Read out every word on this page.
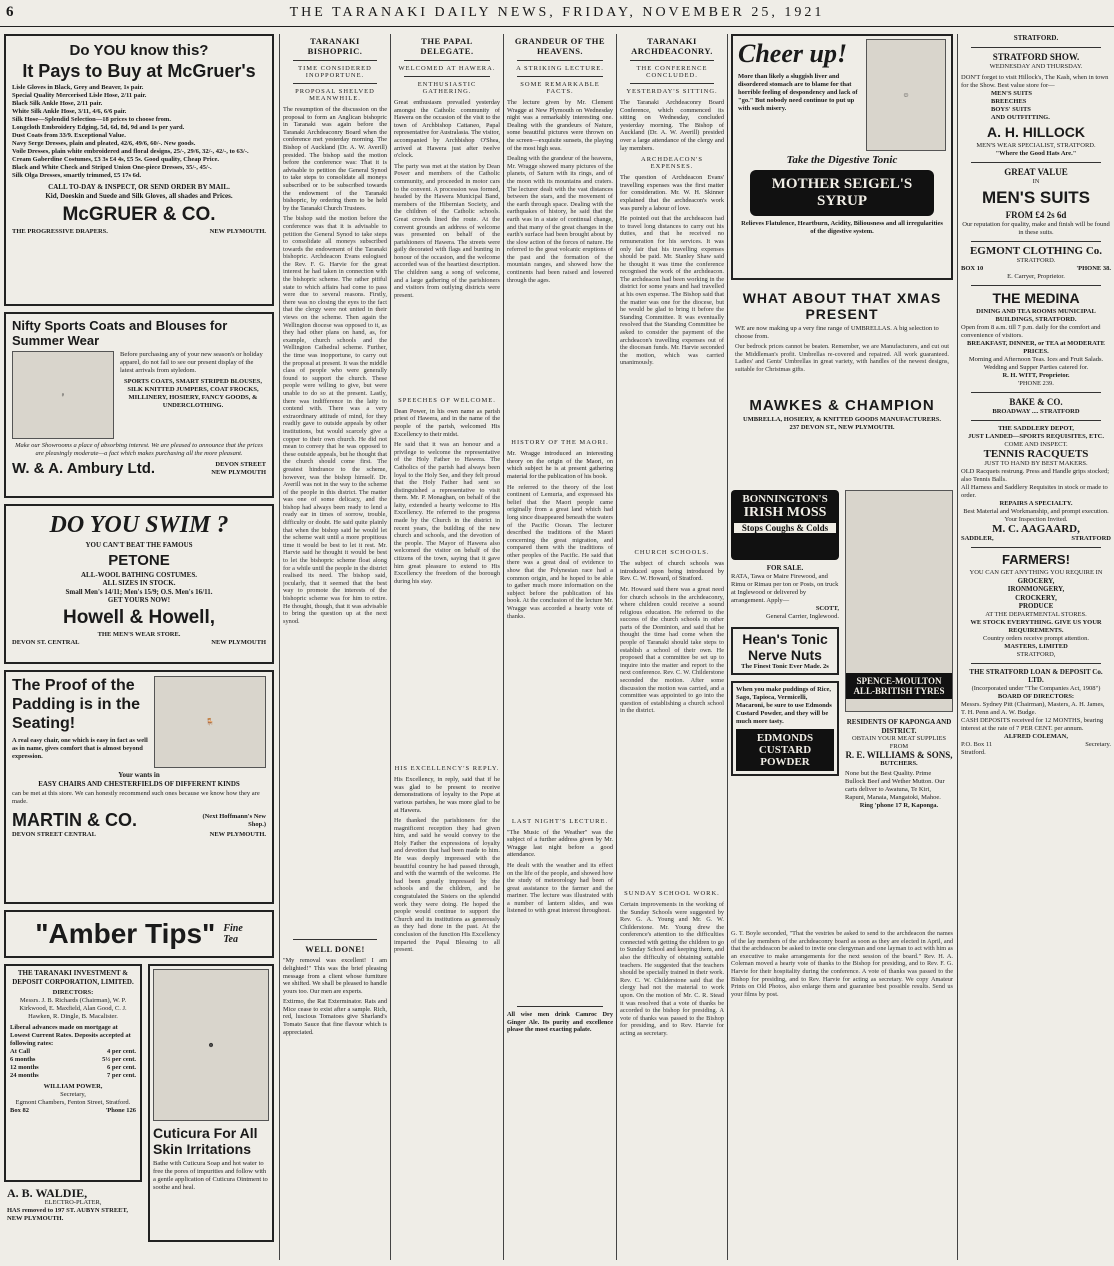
6	THE TARANAKI DAILY NEWS, FRIDAY, NOVEMBER 25, 1921
Do YOU know this?
It Pays to Buy at McGruer's
Lisle Gloves in Black, Grey and Beaver, 1s pair.
Special Quality Mercerised Lisle Hose, 2/11 pair.
Black Silk Ankle Hose, 2/11 pair.
White Silk Ankle Hose, 3/11, 4/6, 6/6 pair.
Silk Hose—Splendid Selection—18 prices to choose from.
Longcloth Embroidery Edging, 5d, 6d, 8d, 9d and 1s per yard.
Dust Coats from 33/9. Exceptional Value.
Navy Serge Dresses, plain and pleated, 42/6, 49/6, 60/-. New goods.
Voile Dresses, plain white embroidered and floral designs, 25/-, 29/6, 32/-, 42/-, to 63/-.
Cream Gaberdine Costumes, £3 3s £4 4s, £5 5s. Good quality, Cheap Price.
Black and White Check and Striped Union One-piece Dresses, 35/-, 45/-.
Silk Olga Dresses, smartly trimmed, £5 17s 6d.
CALL TO-DAY & INSPECT, OR SEND ORDER BY MAIL.
Kid, Doeskin and Suede and Silk Gloves, all shades and Prices.
McGRUER & CO.
THE PROGRESSIVE DRAPERS.	NEW PLYMOUTH.
Nifty Sports Coats and Blouses for Summer Wear
♀
Before purchasing any of your new season's or holiday apparel, do not fail to see our present display of the latest arrivals from styledom.
SPORTS COATS, SMART STRIPED BLOUSES, SILK KNITTED JUMPERS, COAT FROCKS, MILLINERY, HOSIERY, FANCY GOODS, & UNDERCLOTHING.
Make our Showrooms a place of absorbing interest. We are pleased to announce that the prices are pleasingly moderate—a fact which makes purchasing all the more pleasant.
W. & A. Ambury Ltd.	DEVON STREET
NEW PLYMOUTH
DO YOU SWIM ?
YOU CAN'T BEAT THE FAMOUS
PETONE
ALL-WOOL BATHING COSTUMES.
ALL SIZES IN STOCK.
Small Men's 14/11; Men's 15/9; O.S. Men's 16/11.
GET YOURS NOW!
Howell & Howell,
THE MEN'S WEAR STORE.
DEVON ST. CENTRAL	NEW PLYMOUTH
The Proof of the Padding is in the Seating!
A real easy chair, one which is easy in fact as well as in name, gives comfort that is almost beyond expression.
🪑
Your wants in
EASY CHAIRS AND CHESTERFIELDS OF DIFFERENT KINDS
can be met at this store. We can honestly recommend such ones because we know how they are made.
MARTIN & CO.	(Next Hoffmann's New Shop.)
DEVON STREET CENTRAL	NEW PLYMOUTH.
"Amber Tips" Fine
Tea
THE TARANAKI INVESTMENT & DEPOSIT CORPORATION, LIMITED.
DIRECTORS:
Messrs. J. B. Richards (Chairman), W. P. Kirkwood, E. Maxfield, Alan Good, C. J. Hawken, R. Dingle, B. Macalister.
Liberal advances made on mortgage at Lowest Current Rates. Deposits accepted at following rates:
At Call	4 per cent.
6 months	5½ per cent.
12 months	6 per cent.
24 months	7 per cent.
WILLIAM POWER,
Secretary,
Egmont Chambers, Fenton Street, Stratford.
Box 82	'Phone 126
A. B. WALDIE,
ELECTRO-PLATER,
HAS removed to 197 ST. AUBYN STREET, NEW PLYMOUTH.
☻
Cuticura For All Skin Irritations
Bathe with Cuticura Soap and hot water to free the pores of impurities and follow with a gentle application of Cuticura Ointment to soothe and heal.
TARANAKI BISHOPRIC.
TIME CONSIDERED INOPPORTUNE.
PROPOSAL SHELVED MEANWHILE.

The resumption of the discussion on the proposal to form an Anglican bishopric in Taranaki was again before the Taranaki Archdeaconry Board when the conference met yesterday morning. The Bishop of Auckland (Dr. A. W. Averill) presided. The bishop said the motion before the conference was: That it is advisable to petition the General Synod to take steps to consolidate all moneys subscribed or to be subscribed towards the endowment of the Taranaki bishopric, by ordering them to be held by the Taranaki Church Trustees.

The bishop said the motion before the conference was that it is advisable to petition the General Synod to take steps to consolidate all moneys subscribed towards the endowment of the Taranaki bishopric. Archdeacon Evans eulogised the Rev. F. G. Harvie for the great interest he had taken in connection with the bishopric scheme. The rather pitiful state to which affairs had come to pass were due to several reasons. Firstly, there was no closing the eyes to the fact that the clergy were not united in their views on the scheme. Then again the Wellington diocese was opposed to it, as they had other plans on hand, as, for example, church schools and the Wellington Cathedral scheme. Further, the time was inopportune, to carry out the proposal at present. It was the middle class of people who were generally found to support the church. These people were willing to give, but were unable to do so at the present. Lastly, there was indifference in the laity to contend with. There was a very extraordinary attitude of mind, for they readily gave to outside appeals by other institutions, but would scarcely give a copper to their own church. He did not mean to convey that he was opposed to these outside appeals, but he thought that the church should come first. The greatest hindrance to the scheme, however, was the bishop himself. Dr. Averill was not in the way to the scheme of the people in this district. The matter was one of some delicacy, and the bishop had always been ready to lend a ready ear in times of sorrow, trouble, difficulty or doubt. He said quite plainly that when the bishop said he would let the scheme wait until a more propitious time it would be best to let it rest. Mr. Harvie said he thought it would be best to let the bishopric scheme float along for a while until the people in the district realised its need. The bishop said, jocularly, that it seemed that the best way to promote the interests of the bishopric scheme was for him to retire. He thought, though, that it was advisable to bring the question up at the next synod.

WELL DONE!

"My removal was excellent! I am delighted!" This was the brief pleasing message from a client whose furniture we shifted. We shall be pleased to handle yours too. Our men are experts.

Extirmo, the Rat Exterminator. Rats and Mice cease to exist after a sample. Rich, red, luscious Tomatoes give Sharland's Tomato Sauce that fine flavour which is appreciated.

THE PAPAL DELEGATE.
WELCOMED AT HAWERA.
ENTHUSIASTIC GATHERING.

Great enthusiasm prevailed yesterday amongst the Catholic community of Hawera on the occasion of the visit to the town of Archbishop Cattaneo, Papal representative for Australasia. The visitor, accompanied by Archbishop O'Shea, arrived at Hawera just after twelve o'clock.

The party was met at the station by Dean Power and members of the Catholic community, and proceeded in motor cars to the convent. A procession was formed, headed by the Hawera Municipal Band, members of the Hibernian Society, and the children of the Catholic schools. Great crowds lined the route. At the convent grounds an address of welcome was presented on behalf of the parishioners of Hawera. The streets were gaily decorated with flags and bunting in honour of the occasion, and the welcome accorded was of the heartiest description. The children sang a song of welcome, and a large gathering of the parishioners and visitors from outlying districts were present.

SPEECHES OF WELCOME.

Dean Power, in his own name as parish priest of Hawera, and in the name of the people of the parish, welcomed His Excellency to their midst.

He said that it was an honour and a privilege to welcome the representative of the Holy Father to Hawera. The Catholics of the parish had always been loyal to the Holy See, and they felt proud that the Holy Father had sent so distinguished a representative to visit them. Mr. P. Monaghan, on behalf of the laity, extended a hearty welcome to His Excellency. He referred to the progress made by the Church in the district in recent years, the building of the new church and schools, and the devotion of the people. The Mayor of Hawera also welcomed the visitor on behalf of the citizens of the town, saying that it gave him great pleasure to extend to His Excellency the freedom of the borough during his stay.

HIS EXCELLENCY'S REPLY.

His Excellency, in reply, said that if he was glad to be present to receive demonstrations of loyalty to the Pope at various parishes, he was more glad to be at Hawera.

He thanked the parishioners for the magnificent reception they had given him, and said he would convey to the Holy Father the expressions of loyalty and devotion that had been made to him. He was deeply impressed with the beautiful country he had passed through, and with the warmth of the welcome. He had been greatly impressed by the schools and the children, and he congratulated the Sisters on the splendid work they were doing. He hoped the people would continue to support the Church and its institutions as generously as they had done in the past. At the conclusion of the function His Excellency imparted the Papal Blessing to all present.

GRANDEUR OF THE HEAVENS.
A STRIKING LECTURE.
SOME REMARKABLE FACTS.

The lecture given by Mr. Clement Wragge at New Plymouth on Wednesday night was a remarkably interesting one. Dealing with the grandeurs of Nature, some beautiful pictures were thrown on the screen—exquisite sunsets, the playing of the most high seas.

Dealing with the grandeur of the heavens, Mr. Wragge showed many pictures of the planets, of Saturn with its rings, and of the moon with its mountains and craters. The lecturer dealt with the vast distances between the stars, and the movement of the earth through space. Dealing with the earthquakes of history, he said that the earth was in a state of continual change, and that many of the great changes in the earth's surface had been brought about by the slow action of the forces of nature. He referred to the great volcanic eruptions of the past and the formation of the mountain ranges, and showed how the continents had been raised and lowered through the ages.

HISTORY OF THE MAORI.

Mr. Wragge introduced an interesting theory on the origin of the Maori, on which subject he is at present gathering material for the publication of his book.

He referred to the theory of the lost continent of Lemuria, and expressed his belief that the Maori people came originally from a great land which had long since disappeared beneath the waters of the Pacific Ocean. The lecturer described the traditions of the Maori concerning the great migration, and compared them with the traditions of other peoples of the Pacific. He said that there was a great deal of evidence to show that the Polynesian race had a common origin, and he hoped to be able to gather much more information on the subject before the publication of his book. At the conclusion of the lecture Mr. Wragge was accorded a hearty vote of thanks.

LAST NIGHT'S LECTURE.

"The Music of the Weather" was the subject of a further address given by Mr. Wragge last night before a good attendance.

He dealt with the weather and its effect on the life of the people, and showed how the study of meteorology had been of great assistance to the farmer and the mariner. The lecture was illustrated with a number of lantern slides, and was listened to with great interest throughout.

All wise men drink Camroc Dry Ginger Ale. Its purity and excellence please the most exacting palate.

TARANAKI ARCHDEACONRY.
THE CONFERENCE CONCLUDED.
YESTERDAY'S SITTING.

The Taranaki Archdeaconry Board Conference, which commenced its sitting on Wednesday, concluded yesterday morning. The Bishop of Auckland (Dr. A. W. Averill) presided over a large attendance of the clergy and lay members.

ARCHDEACON'S EXPENSES.

The question of Archdeacon Evans' travelling expenses was the first matter for consideration. Mr. W. H. Skinner explained that the archdeacon's work was purely a labour of love.

He pointed out that the archdeacon had to travel long distances to carry out his duties, and that he received no remuneration for his services. It was only fair that his travelling expenses should be paid. Mr. Stanley Shaw said he thought it was time the conference recognised the work of the archdeacon. The archdeacon had been working in the district for some years and had travelled at his own expense. The Bishop said that the matter was one for the diocese, but he would be glad to bring it before the Standing Committee. It was eventually resolved that the Standing Committee be asked to consider the payment of the archdeacon's travelling expenses out of the diocesan funds. Mr. Harvie seconded the motion, which was carried unanimously.

CHURCH SCHOOLS.

The subject of church schools was introduced upon being introduced by Rev. C. W. Howard, of Stratford.

Mr. Howard said there was a great need for church schools in the archdeaconry, where children could receive a sound religious education. He referred to the success of the church schools in other parts of the Dominion, and said that he thought the time had come when the people of Taranaki should take steps to establish a school of their own. He proposed that a committee be set up to inquire into the matter and report to the next conference. Rev. C. W. Childerstone seconded the motion. After some discussion the motion was carried, and a committee was appointed to go into the question of establishing a church school in the district.

SUNDAY SCHOOL WORK.

Certain improvements in the working of the Sunday Schools were suggested by Rev. G. A. Young and Mr. G. W. Childerstone. Mr. Young drew the conference's attention to the difficulties connected with getting the children to go to Sunday School and keeping them, and also the difficulty of obtaining suitable teachers. He suggested that the teachers should be specially trained in their work. Rev. C. W. Childerstone said that the clergy had not the material to work upon. On the motion of Mr. C. R. Stead it was resolved that a vote of thanks be accorded to the bishop for presiding. A vote of thanks was passed to the Bishop for presiding, and to Rev. Harvie for acting as secretary.

Cheer up!
More than likely a sluggish liver and disordered stomach are to blame for that horrible feeling of despondency and lack of "go." But nobody need continue to put up with such misery.
☺
Take the Digestive Tonic
MOTHER SEIGEL'S SYRUP
Relieves Flatulence, Heartburn, Acidity, Biliousness and all irregularities of the digestive system.
WHAT ABOUT THAT XMAS PRESENT
WE are now making up a very fine range of UMBRELLAS. A big selection to choose from.

Our bedrock prices cannot be beaten. Remember, we are Manufacturers, and cut out the Middleman's profit. Umbrellas re-covered and repaired. All work guaranteed. Ladies' and Gents' Umbrellas in great variety, with handles of the newest designs, suitable for Christmas gifts.

MAWKES & CHAMPION
UMBRELLA, HOSIERY, & KNITTED GOODS MANUFACTURERS.
237 DEVON ST., NEW PLYMOUTH.
BONNINGTON'S
IRISH MOSS
Stops Coughs & Colds
FOR SALE.
RATA, Tawa or Maire Firewood, and Rimu or Rimau per ton or Posts, on truck at Inglewood or delivered by arrangement. Apply—
SCOTT,
General Carrier, Inglewood.
Hean's Tonic Nerve Nuts
The Finest Tonic Ever Made. 2s
When you make puddings of Rice, Sago, Tapioca, Vermicelli, Macaroni, be sure to use Edmonds Custard Powder, and they will be much more tasty.
EDMONDS CUSTARD POWDER
SPENCE-MOULTON ALL-BRITISH TYRES
RESIDENTS OF KAPONGA AND DISTRICT.
OBTAIN YOUR MEAT SUPPLIES FROM
R. E. WILLIAMS & SONS,
BUTCHERS.
None but the Best Quality. Prime Bullock Beef and Wether Mutton. Our carts deliver to Awatuna, Te Kiri, Rapuni, Manaia, Mangatoki, Mahoe.
Ring 'phone 17 R, Kaponga.

G. T. Boyle seconded, "That the vestries be asked to send to the archdeacon the names of the lay members of the archdeaconry board as soon as they are elected in April, and that the archdeacon be asked to invite one clergyman and one layman to act with him as an executive to make arrangements for the next session of the board." Rev. H. A. Coleman moved a hearty vote of thanks to the Bishop for presiding, and to Rev. F. G. Harvie for their hospitality during the conference. A vote of thanks was passed to the Bishop for presiding, and to Rev. Harvie for acting as secretary. We copy Amateur Prints on Old Photos, also enlarge them and guarantee best possible results. Send us your films by post.

STRATFORD.
STRATFORD SHOW.
WEDNESDAY AND THURSDAY.
DON'T forget to visit Hillock's, The Kash, when in town for the Show. Best value store for—
MEN'S SUITS
BREECHES
BOYS' SUITS
AND OUTFITTING.
A. H. HILLOCK
MEN'S WEAR SPECIALIST, STRATFORD.
"Where the Good Hats Are."
GREAT VALUE
IN
MEN'S SUITS
FROM £4 2s 6d
Our reputation for quality, make and finish will be found in these suits.
EGMONT CLOTHING Co.
STRATFORD.
BOX 10	'PHONE 38.
E. Carryer, Proprietor.
THE MEDINA
DINING AND TEA ROOMS MUNICIPAL BUILDINGS, STRATFORD.
Open from 8 a.m. till 7 p.m. daily for the comfort and convenience of visitors.
BREAKFAST, DINNER, or TEA at MODERATE PRICES.
Morning and Afternoon Teas. Ices and Fruit Salads.
Wedding and Supper Parties catered for.
R. H. WITT, Proprietor.
'PHONE 239.
BAKE & CO.
BROADWAY .... STRATFORD
THE SADDLERY DEPOT,
JUST LANDED—SPORTS REQUISITES, ETC.
COME AND INSPECT.
TENNIS RACQUETS
JUST TO HAND BY BEST MAKERS.
OLD Racquets restrung. Press and Handle grips stocked; also Tennis Balls.
All Harness and Saddlery Requisites in stock or made to order.
REPAIRS A SPECIALTY.
Best Material and Workmanship, and prompt execution.
Your Inspection Invited.
M. C. AAGAARD,
SADDLER,	STRATFORD
FARMERS!
YOU CAN GET ANYTHING YOU REQUIRE IN
GROCERY,
IRONMONGERY,
CROCKERY,
PRODUCE
AT THE DEPARTMENTAL STORES.
WE STOCK EVERYTHING. GIVE US YOUR REQUIREMENTS.
Country orders receive prompt attention.
MASTERS, LIMITED
STRATFORD,
THE STRATFORD LOAN & DEPOSIT Co. LTD.
(Incorporated under "The Companies Act, 1908")
BOARD OF DIRECTORS:
Messrs. Sydney Pitt (Chairman), Masters, A. H. James, T. H. Penn and A. W. Budge.
CASH DEPOSITS received for 12 MONTHS, bearing interest at the rate of 7 PER CENT. per annum.
ALFRED COLEMAN,
P.O. Box 11	Secretary.
Stratford.
